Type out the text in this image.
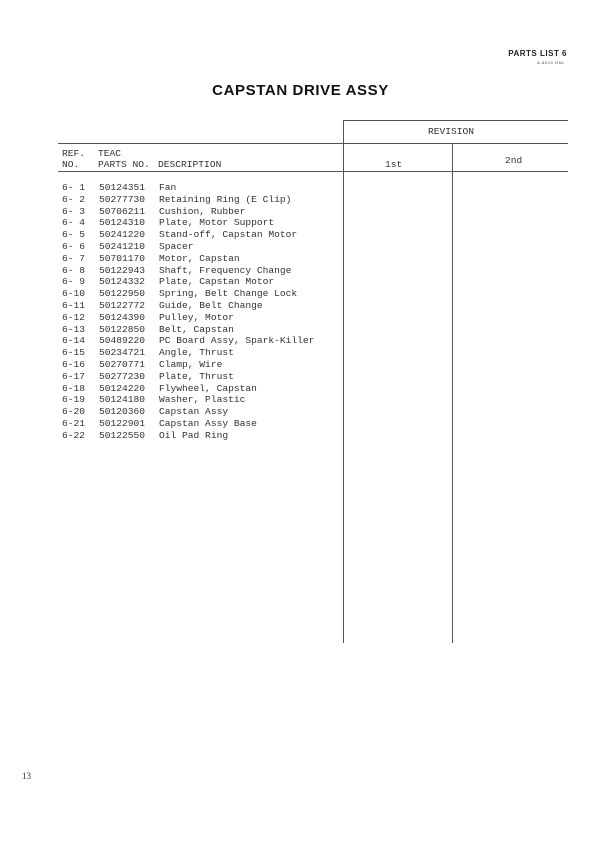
PARTS LIST 6
A-8010 DNL
CAPSTAN DRIVE ASSY
REVISION
REF.
NO.
TEAC
PARTS NO. DESCRIPTION	1st	2nd
6- 1 50124351 Fan
6- 2 50277730 Retaining Ring (E Clip)
6- 3 50706211 Cushion, Rubber
6- 4 50124310 Plate, Motor Support
6- 5 50241220 Stand-off, Capstan Motor
6- 6 50241210 Spacer
6- 7 50701170 Motor, Capstan
6- 8 50122943 Shaft, Frequency Change
6- 9 50124332 Plate, Capstan Motor
6-10 50122950 Spring, Belt Change Lock
6-11 50122772 Guide, Belt Change
6-12 50124390 Pulley, Motor
6-13 50122850 Belt, Capstan
6-14 50489220 PC Board Assy, Spark-Killer
6-15 50234721 Angle, Thrust
6-16 50270771 Clamp, Wire
6-17 50277230 Plate, Thrust
6-18 50124220 Flywheel, Capstan
6-19 50124180 Washer, Plastic
6-20 50120360 Capstan Assy
6-21 50122901 Capstan Assy Base
6-22 50122550 Oil Pad Ring
13
